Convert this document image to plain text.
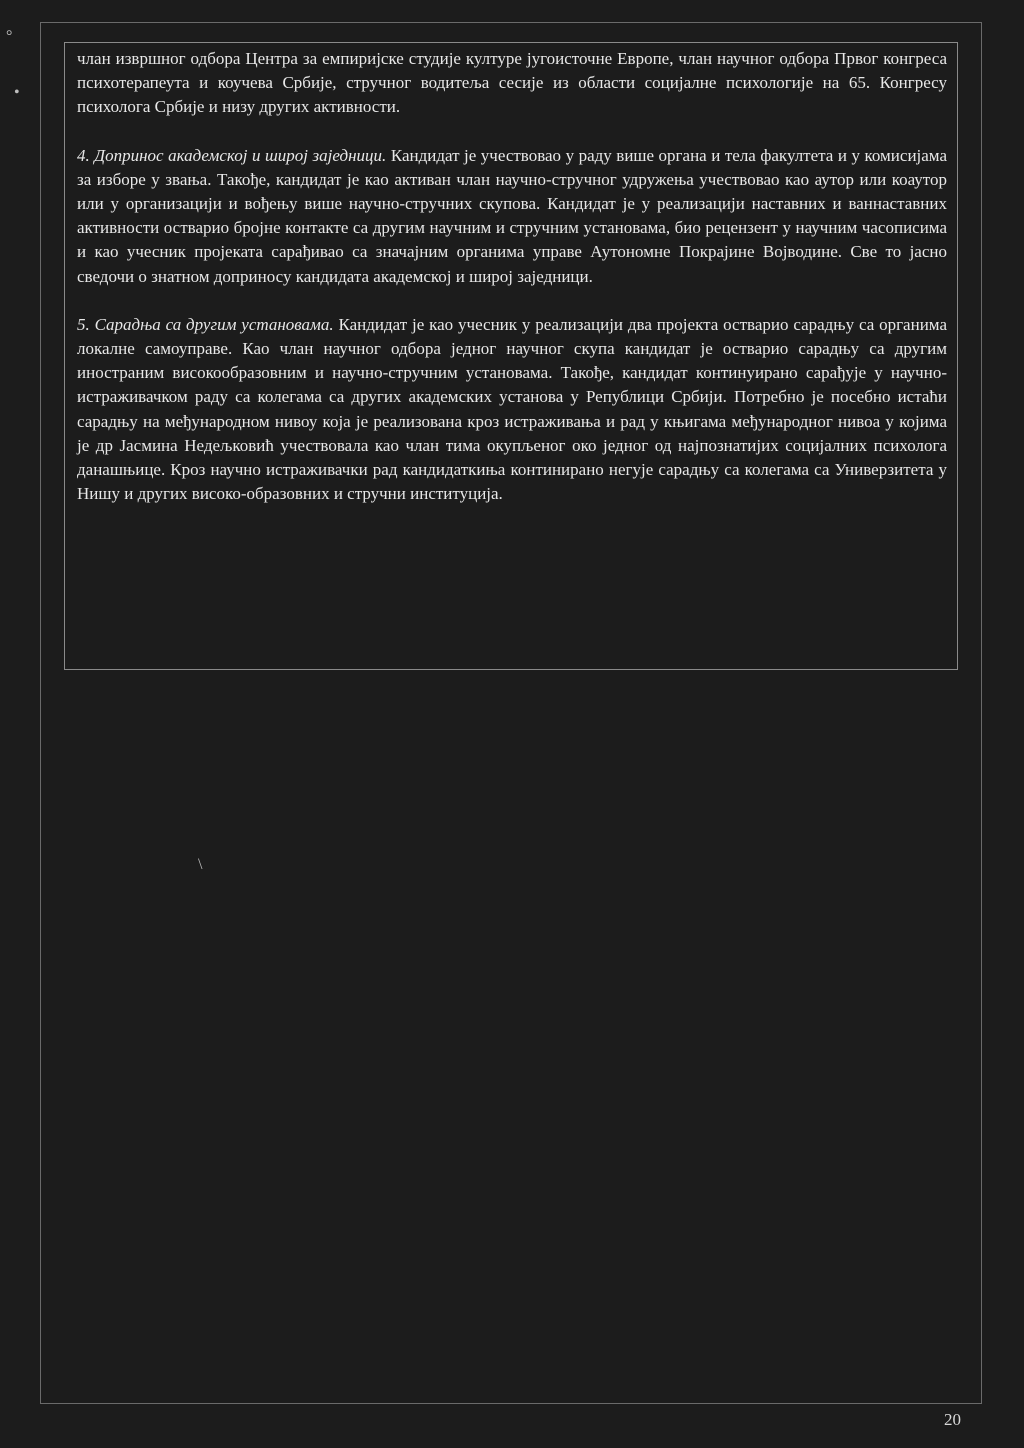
°
•
\

члан извршног одбора Центра за емпиријске студије културе југоисточне Европе, члан научног одбора Првог конгреса психотерапеута и коучева Србије, стручног водитеља сесије из области социјалне психологије на 65. Конгресу психолога Србије и низу других активности.

4. Допринос академској и широј заједници. Кандидат је учествовао у раду више органа и тела факултета и у комисијама за изборе у звања. Такође, кандидат је као активан члан научно-стручног удружења учествовао као аутор или коаутор или у организацији и вођењу више научно-стручних скупова. Кандидат је у реализацији наставних и ваннаставних активности остварио бројне контакте са другим научним и стручним установама, био рецензент у научним часописима и као учесник пројеката сарађивао са значајним органима управе Аутономне Покрајине Војводине. Све то јасно сведочи о знатном доприносу кандидата академској и широј заједници.

5. Сарадња са другим установама. Кандидат је као учесник у реализацији два пројекта остварио сарадњу са органима локалне самоуправе. Као члан научног одбора једног научног скупа кандидат је остварио сарадњу са другим иностраним високообразовним и научно-стручним установама. Такође, кандидат континуирано сарађује у научно-истраживачком раду са колегама са других академских установа у Републици Србији. Потребно је посебно истаћи сарадњу на међународном нивоу која је реализована кроз истраживања и рад у књигама међународног нивоа у којима је др Јасмина Недељковић учествовала као члан тима окупљеног око једног од најпознатијих социјалних психолога данашњице. Кроз научно истраживачки рад кандидаткиња континирано негује сарадњу са колегама са Универзитета у Нишу и других високо-образовних и стручни институција.

20
